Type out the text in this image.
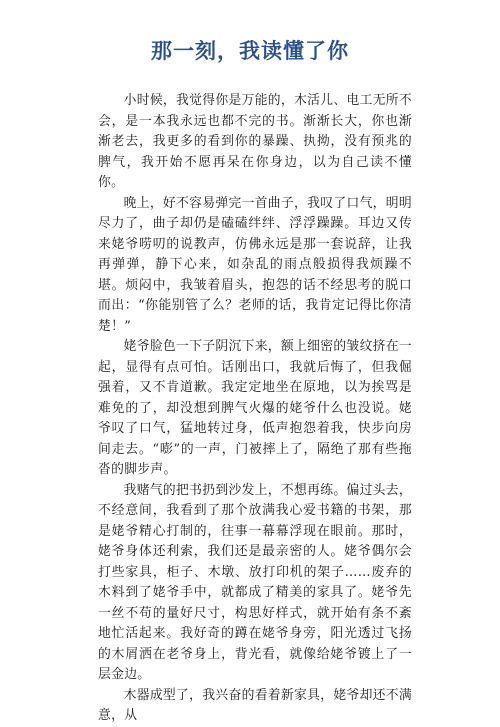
那一刻，我读懂了你

小时候，我觉得你是万能的，木活儿、电工无所不会，是一本我永远也都不完的书。渐渐长大，你也渐渐老去，我更多的看到你的暴躁、执拗，没有预兆的脾气，我开始不愿再呆在你身边，以为自己读不懂你。

晚上，好不容易弹完一首曲子，我叹了口气，明明尽力了，曲子却仍是磕磕绊绊、浮浮躁躁。耳边又传来姥爷唠叨的说教声，仿佛永远是那一套说辞，让我再弹弹，静下心来，如杂乱的雨点般损得我烦躁不堪。烦闷中，我皱着眉头，抱怨的话不经思考的脱口而出：“你能别管了么？老师的话，我肯定记得比你清楚！”

姥爷脸色一下子阴沉下来，额上细密的皱纹挤在一起，显得有点可怕。话刚出口，我就后悔了，但我倔强着，又不肯道歉。我定定地坐在原地，以为挨骂是难免的了，却没想到脾气火爆的姥爷什么也没说。姥爷叹了口气，猛地转过身，低声抱怨着我，快步向房间走去。“嘭”的一声，门被摔上了，隔绝了那有些拖沓的脚步声。

我赌气的把书扔到沙发上，不想再练。偏过头去，不经意间，我看到了那个放满我心爱书籍的书架，那是姥爷精心打制的，往事一幕幕浮现在眼前。那时，姥爷身体还利索，我们还是最亲密的人。姥爷偶尔会打些家具，柜子、木墩、放打印机的架子……废弃的木料到了姥爷手中，就都成了精美的家具了。姥爷先一丝不苟的量好尺寸，构思好样式，就开始有条不紊地忙活起来。我好奇的蹲在姥爷身旁，阳光透过飞扬的木屑洒在老爷身上，背光看，就像给姥爷镀上了一层金边。

木器成型了，我兴奋的看着新家具，姥爷却还不满意，从
